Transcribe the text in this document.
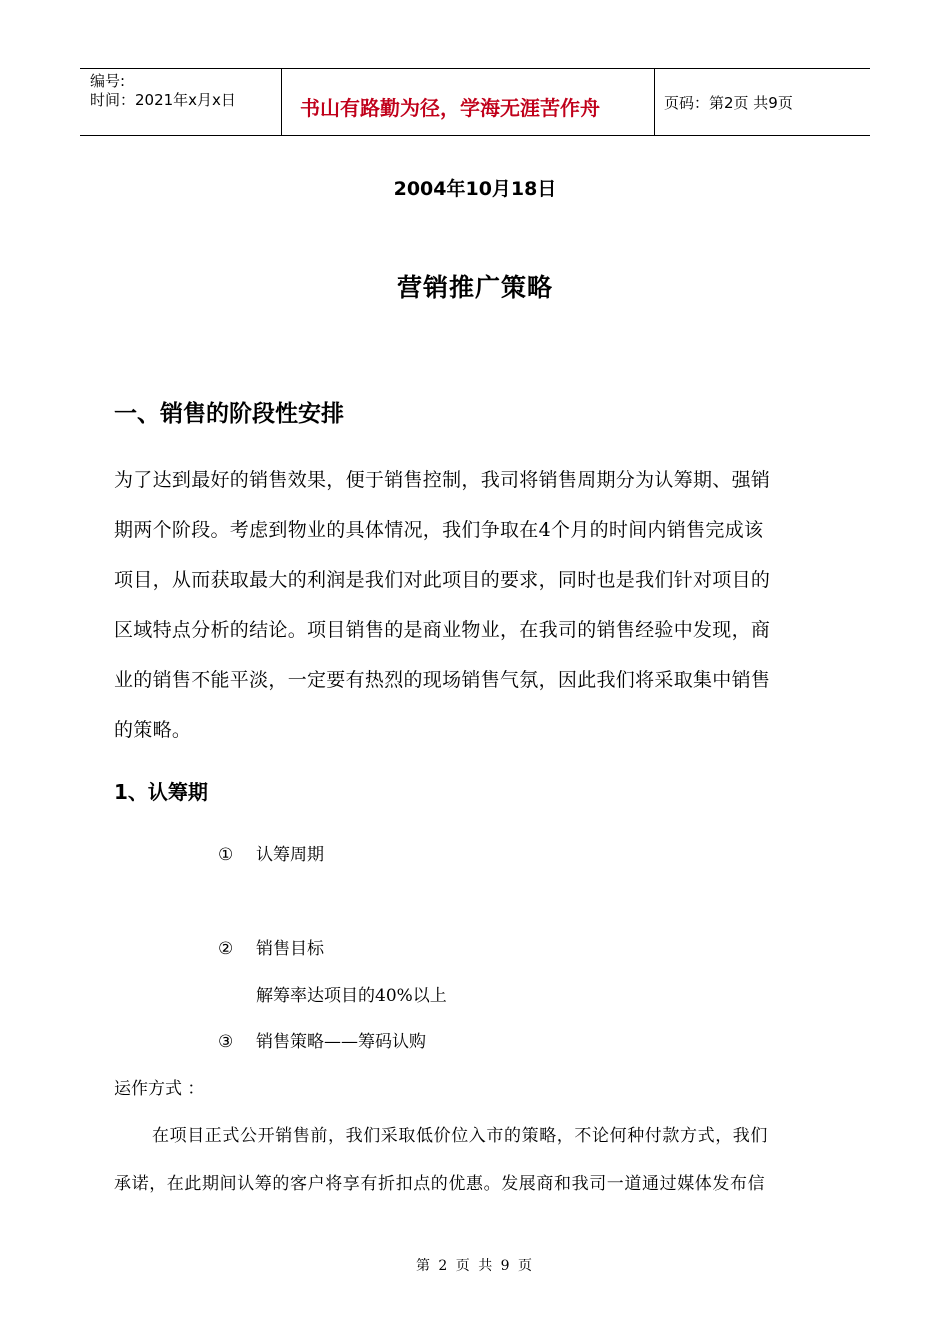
编号:
时间：2021年x月x日	书山有路勤为径，学海无涯苦作舟	页码：第2页 共9页
2004年10月18日
营销推广策略
一、销售的阶段性安排
为了达到最好的销售效果，便于销售控制，我司将销售周期分为认筹期、强销
期两个阶段。考虑到物业的具体情况，我们争取在4个月的时间内销售完成该
项目，从而获取最大的利润是我们对此项目的要求，同时也是我们针对项目的
区域特点分析的结论。项目销售的是商业物业，在我司的销售经验中发现，商
业的销售不能平淡，一定要有热烈的现场销售气氛，因此我们将采取集中销售
的策略。
1、认筹期
① 认筹周期
② 销售目标
解筹率达项目的40%以上
③ 销售策略——筹码认购
运作方式 ：
在项目正式公开销售前，我们采取低价位入市的策略，不论何种付款方式，我们
承诺，在此期间认筹的客户将享有折扣点的优惠。发展商和我司一道通过媒体发布信
第 2 页 共 9 页
